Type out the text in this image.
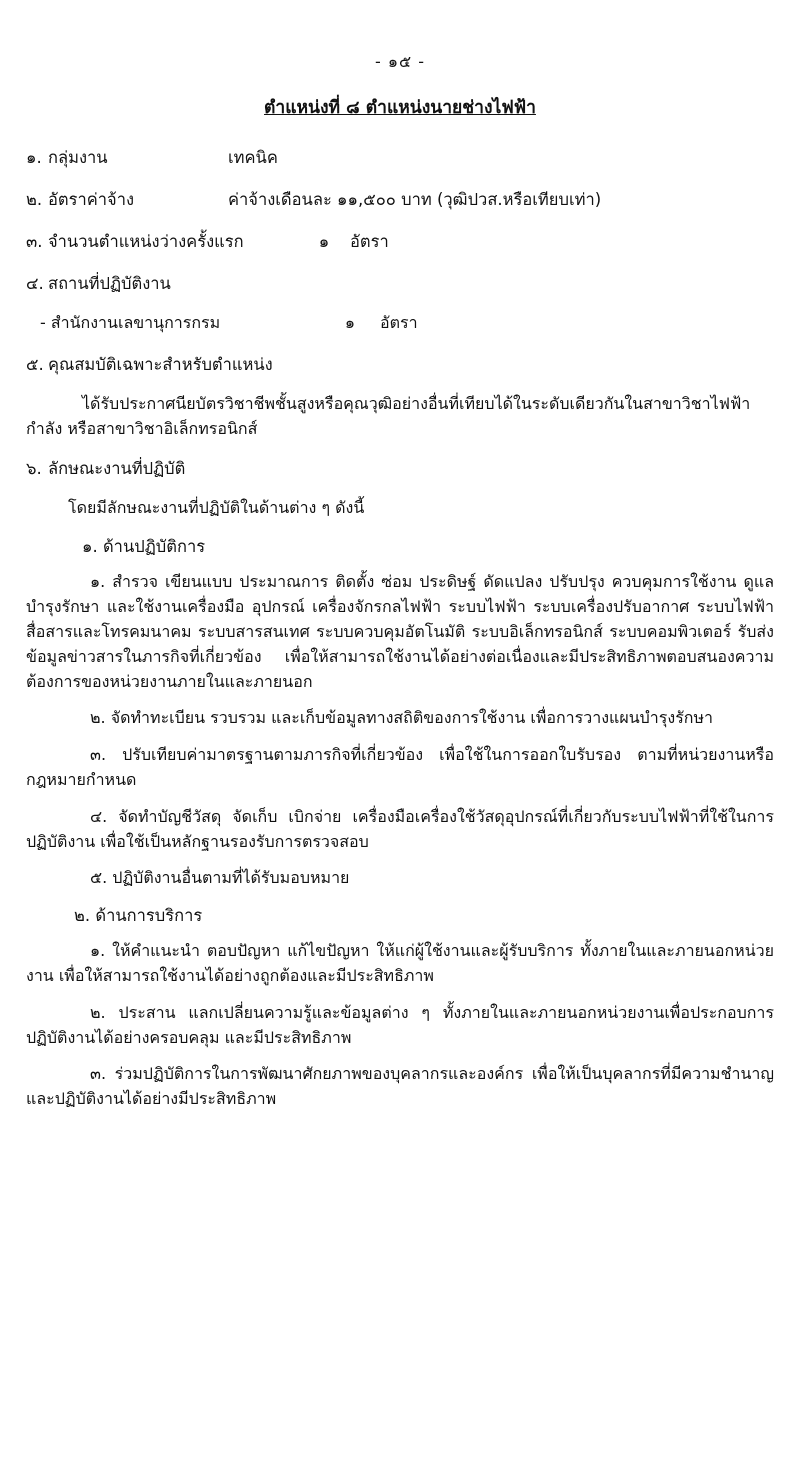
- ๑๕ -
ตำแหน่งที่ ๘ ตำแหน่งนายช่างไฟฟ้า
๑. กลุ่มงาน	เทคนิค
๒. อัตราค่าจ้าง	ค่าจ้างเดือนละ ๑๑,๕๐๐ บาท (วุฒิปวส.หรือเทียบเท่า)
๓. จำนวนตำแหน่งว่างครั้งแรก	๑	อัตรา
๔. สถานที่ปฏิบัติงาน
- สำนักงานเลขานุการกรม	๑	อัตรา
๕. คุณสมบัติเฉพาะสำหรับตำแหน่ง
ได้รับประกาศนียบัตรวิชาชีพชั้นสูงหรือคุณวุฒิอย่างอื่นที่เทียบได้ในระดับเดียวกันในสาขาวิชาไฟฟ้ากำลัง หรือสาขาวิชาอิเล็กทรอนิกส์
๖. ลักษณะงานที่ปฏิบัติ
โดยมีลักษณะงานที่ปฏิบัติในด้านต่าง ๆ ดังนี้
๑. ด้านปฏิบัติการ
๑. สำรวจ เขียนแบบ ประมาณการ ติดตั้ง ซ่อม ประดิษฐ์ ดัดแปลง ปรับปรุง ควบคุมการใช้งาน ดูแล บำรุงรักษา และใช้งานเครื่องมือ อุปกรณ์ เครื่องจักรกลไฟฟ้า ระบบไฟฟ้า ระบบเครื่องปรับอากาศ ระบบไฟฟ้าสื่อสารและโทรคมนาคม ระบบสารสนเทศ ระบบควบคุมอัตโนมัติ ระบบอิเล็กทรอนิกส์ ระบบคอมพิวเตอร์ รับส่งข้อมูลข่าวสารในภารกิจที่เกี่ยวข้อง เพื่อให้สามารถใช้งานได้อย่างต่อเนื่องและมีประสิทธิภาพตอบสนองความต้องการของหน่วยงานภายในและภายนอก
๒. จัดทำทะเบียน รวบรวม และเก็บข้อมูลทางสถิติของการใช้งาน เพื่อการวางแผนบำรุงรักษา
๓. ปรับเทียบค่ามาตรฐานตามภารกิจที่เกี่ยวข้อง เพื่อใช้ในการออกใบรับรอง ตามที่หน่วยงานหรือกฎหมายกำหนด
๔. จัดทำบัญชีวัสดุ จัดเก็บ เบิกจ่าย เครื่องมือเครื่องใช้วัสดุอุปกรณ์ที่เกี่ยวกับระบบไฟฟ้าที่ใช้ในการปฏิบัติงาน เพื่อใช้เป็นหลักฐานรองรับการตรวจสอบ
๕. ปฏิบัติงานอื่นตามที่ได้รับมอบหมาย
๒. ด้านการบริการ
๑. ให้คำแนะนำ ตอบปัญหา แก้ไขปัญหา ให้แก่ผู้ใช้งานและผู้รับบริการ ทั้งภายในและภายนอกหน่วยงาน เพื่อให้สามารถใช้งานได้อย่างถูกต้องและมีประสิทธิภาพ
๒. ประสาน แลกเปลี่ยนความรู้และข้อมูลต่าง ๆ ทั้งภายในและภายนอกหน่วยงานเพื่อประกอบการปฏิบัติงานได้อย่างครอบคลุม และมีประสิทธิภาพ
๓. ร่วมปฏิบัติการในการพัฒนาศักยภาพของบุคลากรและองค์กร เพื่อให้เป็นบุคลากรที่มีความชำนาญ และปฏิบัติงานได้อย่างมีประสิทธิภาพ
